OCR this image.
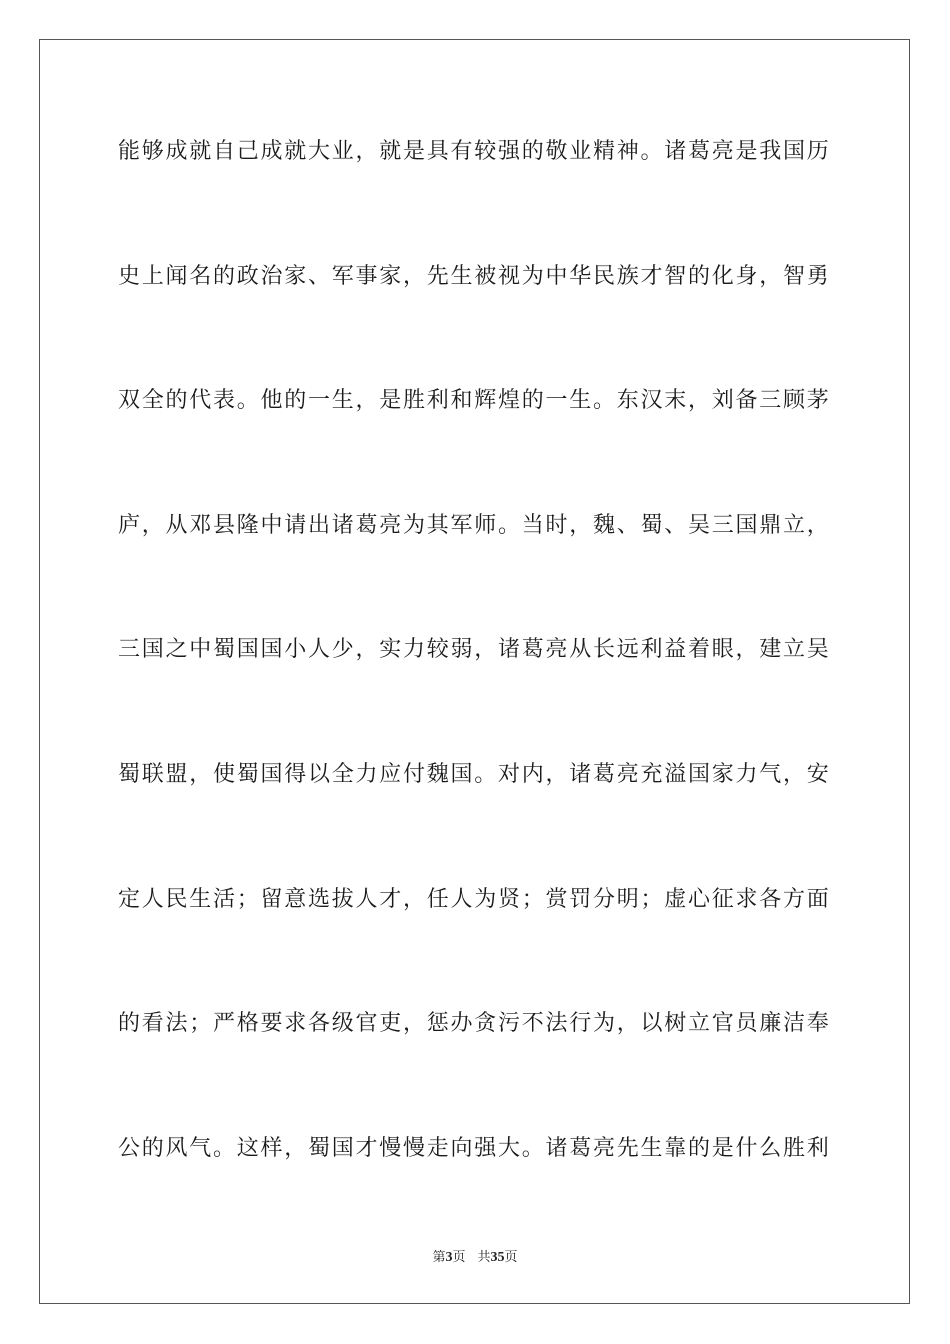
能够成就自己成就大业，就是具有较强的敬业精神。诸葛亮是我国历
史上闻名的政治家、军事家，先生被视为中华民族才智的化身，智勇
双全的代表。他的一生，是胜利和辉煌的一生。东汉末，刘备三顾茅
庐，从邓县隆中请出诸葛亮为其军师。当时，魏、蜀、吴三国鼎立，
三国之中蜀国国小人少，实力较弱，诸葛亮从长远利益着眼，建立吴
蜀联盟，使蜀国得以全力应付魏国。对内，诸葛亮充溢国家力气，安
定人民生活；留意选拔人才，任人为贤；赏罚分明；虚心征求各方面
的看法；严格要求各级官吏，惩办贪污不法行为，以树立官员廉洁奉
公的风气。这样，蜀国才慢慢走向强大。诸葛亮先生靠的是什么胜利
第3页 共35页
